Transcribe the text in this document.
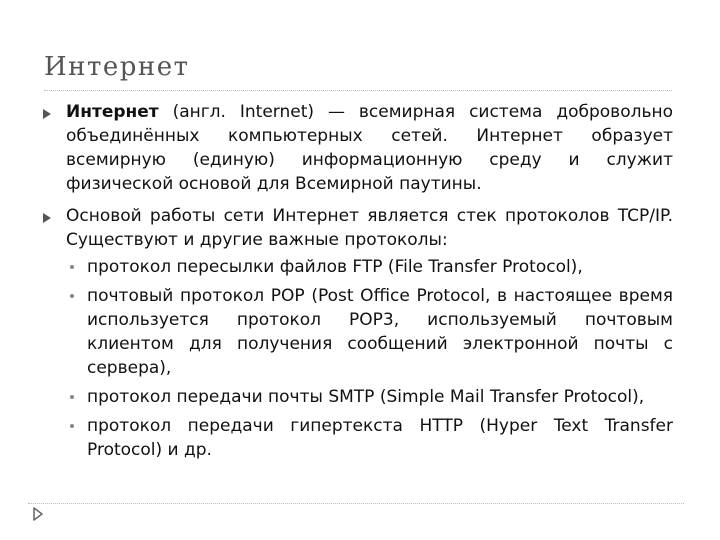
Интернет
Интернет (англ. Internet) — всемирная система добровольно объединённых компьютерных сетей. Интернет образует всемирную (единую) информационную среду и служит физической основой для Всемирной паутины.
Основой работы сети Интернет является стек протоколов TCP/IP. Существуют и другие важные протоколы:
протокол пересылки файлов FTP (File Transfer Protocol),
почтовый протокол POP (Post Office Protocol, в настоящее время используется протокол POP3, используемый почтовым клиентом для получения сообщений электронной почты с сервера),
протокол передачи почты SMTP (Simple Mail Transfer Protocol),
протокол передачи гипертекста HTTP (Hyper Text Transfer Protocol) и др.
